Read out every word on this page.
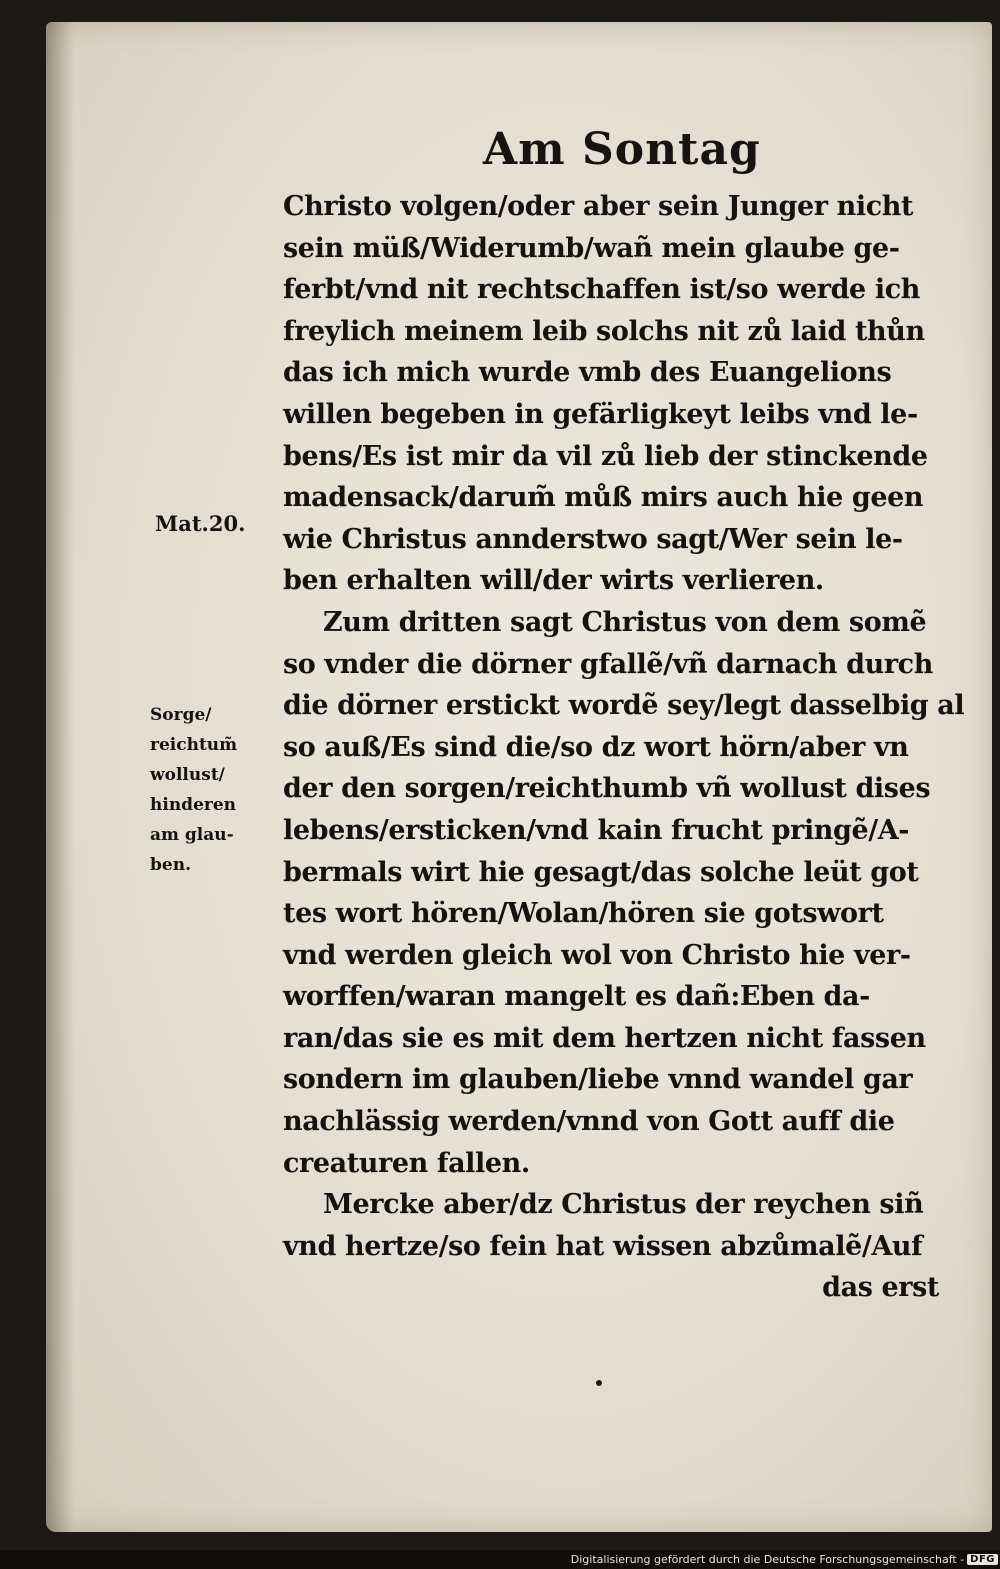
Am Sontag
Mat.20.
Sorge/
reichtum̃
wollust/
hinderen
am glau-
ben.
Christo volgen/oder aber sein Junger nicht
sein müß/Widerumb/wañ mein glaube ge-
ferbt/vnd nit rechtschaffen ist/so werde ich
freylich meinem leib solchs nit zů laid thůn
das ich mich wurde vmb des Euangelions
willen begeben in gefärligkeyt leibs vnd le-
bens/Es ist mir da vil zů lieb der stinckende
madensack/darum̃ můß mirs auch hie geen
wie Christus annderstwo sagt/Wer sein le-
ben erhalten will/der wirts verlieren.
Zum dritten sagt Christus von dem somẽ
so vnder die dörner gfallẽ/vñ darnach durch
die dörner erstickt wordẽ sey/legt dasselbig al
so auß/Es sind die/so dz wort hörn/aber vn
der den sorgen/reichthumb vñ wollust dises
lebens/ersticken/vnd kain frucht pringẽ/A-
bermals wirt hie gesagt/das solche leüt got
tes wort hören/Wolan/hören sie gotswort
vnd werden gleich wol von Christo hie ver-
worffen/waran mangelt es dañ:Eben da-
ran/das sie es mit dem hertzen nicht fassen
sondern im glauben/liebe vnnd wandel gar
nachlässig werden/vnnd von Gott auff die
creaturen fallen.
Mercke aber/dz Christus der reychen siñ
vnd hertze/so fein hat wissen abzůmalẽ/Auf
das erst
Digitalisierung gefördert durch die Deutsche Forschungsgemeinschaft - DFG
